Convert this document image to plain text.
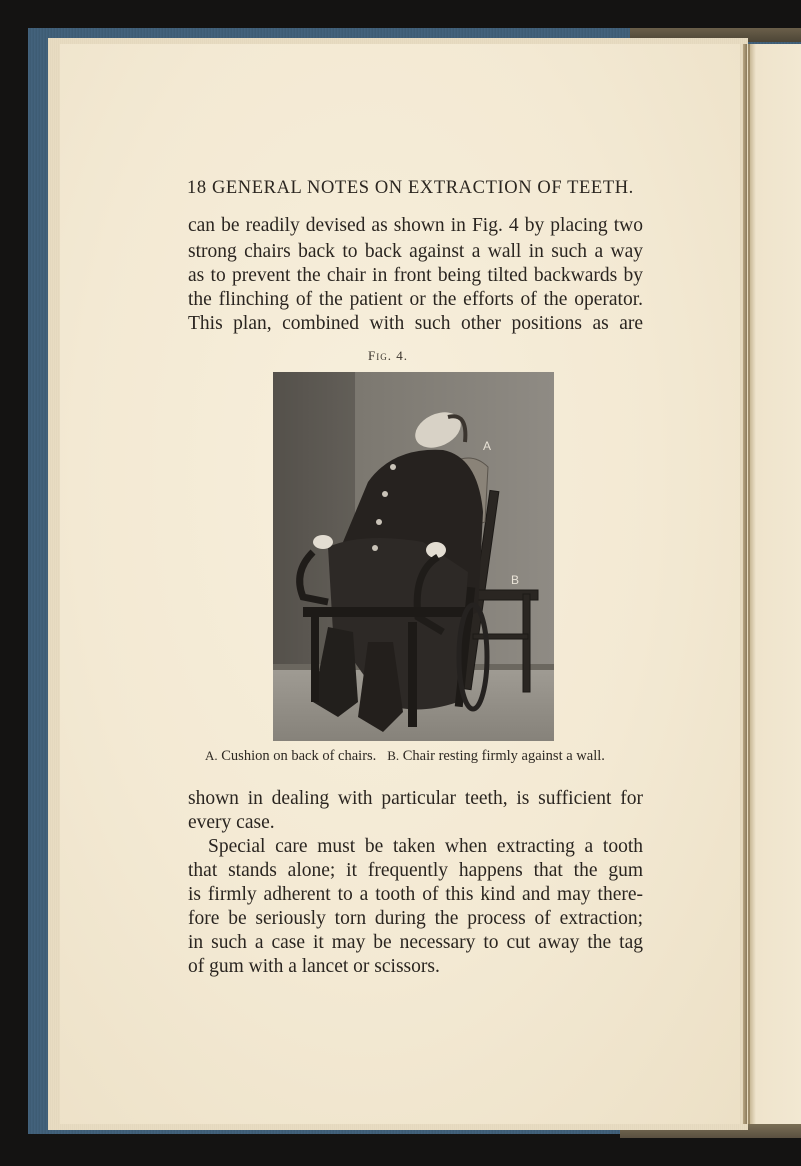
18 GENERAL NOTES ON EXTRACTION OF TEETH.
can be readily devised as shown in Fig. 4 by placing two
strong chairs back to back against a wall in such a way
as to prevent the chair in front being tilted backwards by
the flinching of the patient or the efforts of the operator.
This plan, combined with such other positions as are
Fig. 4.
A
B
A. Cushion on back of chairs. B. Chair resting firmly against a wall.
shown in dealing with particular teeth, is sufficient for
every case.
Special care must be taken when extracting a tooth
that stands alone; it frequently happens that the gum
is firmly adherent to a tooth of this kind and may there-
fore be seriously torn during the process of extraction;
in such a case it may be necessary to cut away the tag
of gum with a lancet or scissors.
